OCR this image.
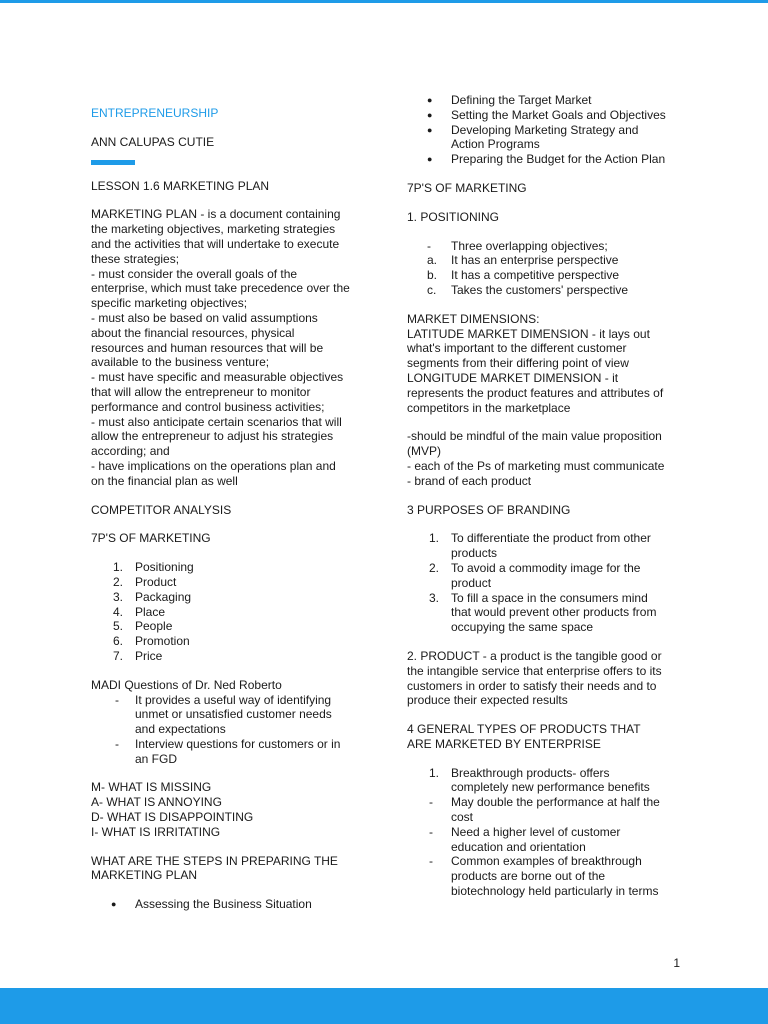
ENTREPRENEURSHIP

ANN CALUPAS CUTIE

LESSON 1.6 MARKETING PLAN

MARKETING PLAN - is a document containing
the marketing objectives, marketing strategies
and the activities that will undertake to execute
these strategies;
- must consider the overall goals of the
enterprise, which must take precedence over the
specific marketing objectives;
- must also be based on valid assumptions
about the financial resources, physical
resources and human resources that will be
available to the business venture;
- must have specific and measurable objectives
that will allow the entrepreneur to monitor
performance and control business activities;
- must also anticipate certain scenarios that will
allow the entrepreneur to adjust his strategies
according; and
- have implications on the operations plan and
on the financial plan as well

COMPETITOR ANALYSIS

7P'S OF MARKETING

1. Positioning
2. Product
3. Packaging
4. Place
5. People
6. Promotion
7. Price

MADI Questions of Dr. Ned Roberto

-	It provides a useful way of identifying
unmet or unsatisfied customer needs
and expectations
-	Interview questions for customers or in
an FGD

M- WHAT IS MISSING
A- WHAT IS ANNOYING
D- WHAT IS DISAPPOINTING
I- WHAT IS IRRITATING

WHAT ARE THE STEPS IN PREPARING THE
MARKETING PLAN

●	Assessing the Business Situation
●	Defining the Target Market
●	Setting the Market Goals and Objectives
●	Developing Marketing Strategy and
Action Programs
●	Preparing the Budget for the Action Plan

7P'S OF MARKETING

1. POSITIONING

-	Three overlapping objectives;
a.	It has an enterprise perspective
b.	It has a competitive perspective
c.	Takes the customers' perspective

MARKET DIMENSIONS:
LATITUDE MARKET DIMENSION - it lays out
what's important to the different customer
segments from their differing point of view
LONGITUDE MARKET DIMENSION - it
represents the product features and attributes of
competitors in the marketplace

-should be mindful of the main value proposition
(MVP)
- each of the Ps of marketing must communicate
- brand of each product

3 PURPOSES OF BRANDING

1. To differentiate the product from other
products
2. To avoid a commodity image for the
product
3. To fill a space in the consumers mind
that would prevent other products from
occupying the same space

2. PRODUCT - a product is the tangible good or
the intangible service that enterprise offers to its
customers in order to satisfy their needs and to
produce their expected results

4 GENERAL TYPES OF PRODUCTS THAT
ARE MARKETED BY ENTERPRISE

1. Breakthrough products- offers
completely new performance benefits
-	May double the performance at half the
cost
-	Need a higher level of customer
education and orientation
-	Common examples of breakthrough
products are borne out of the
biotechnology held particularly in terms
1
